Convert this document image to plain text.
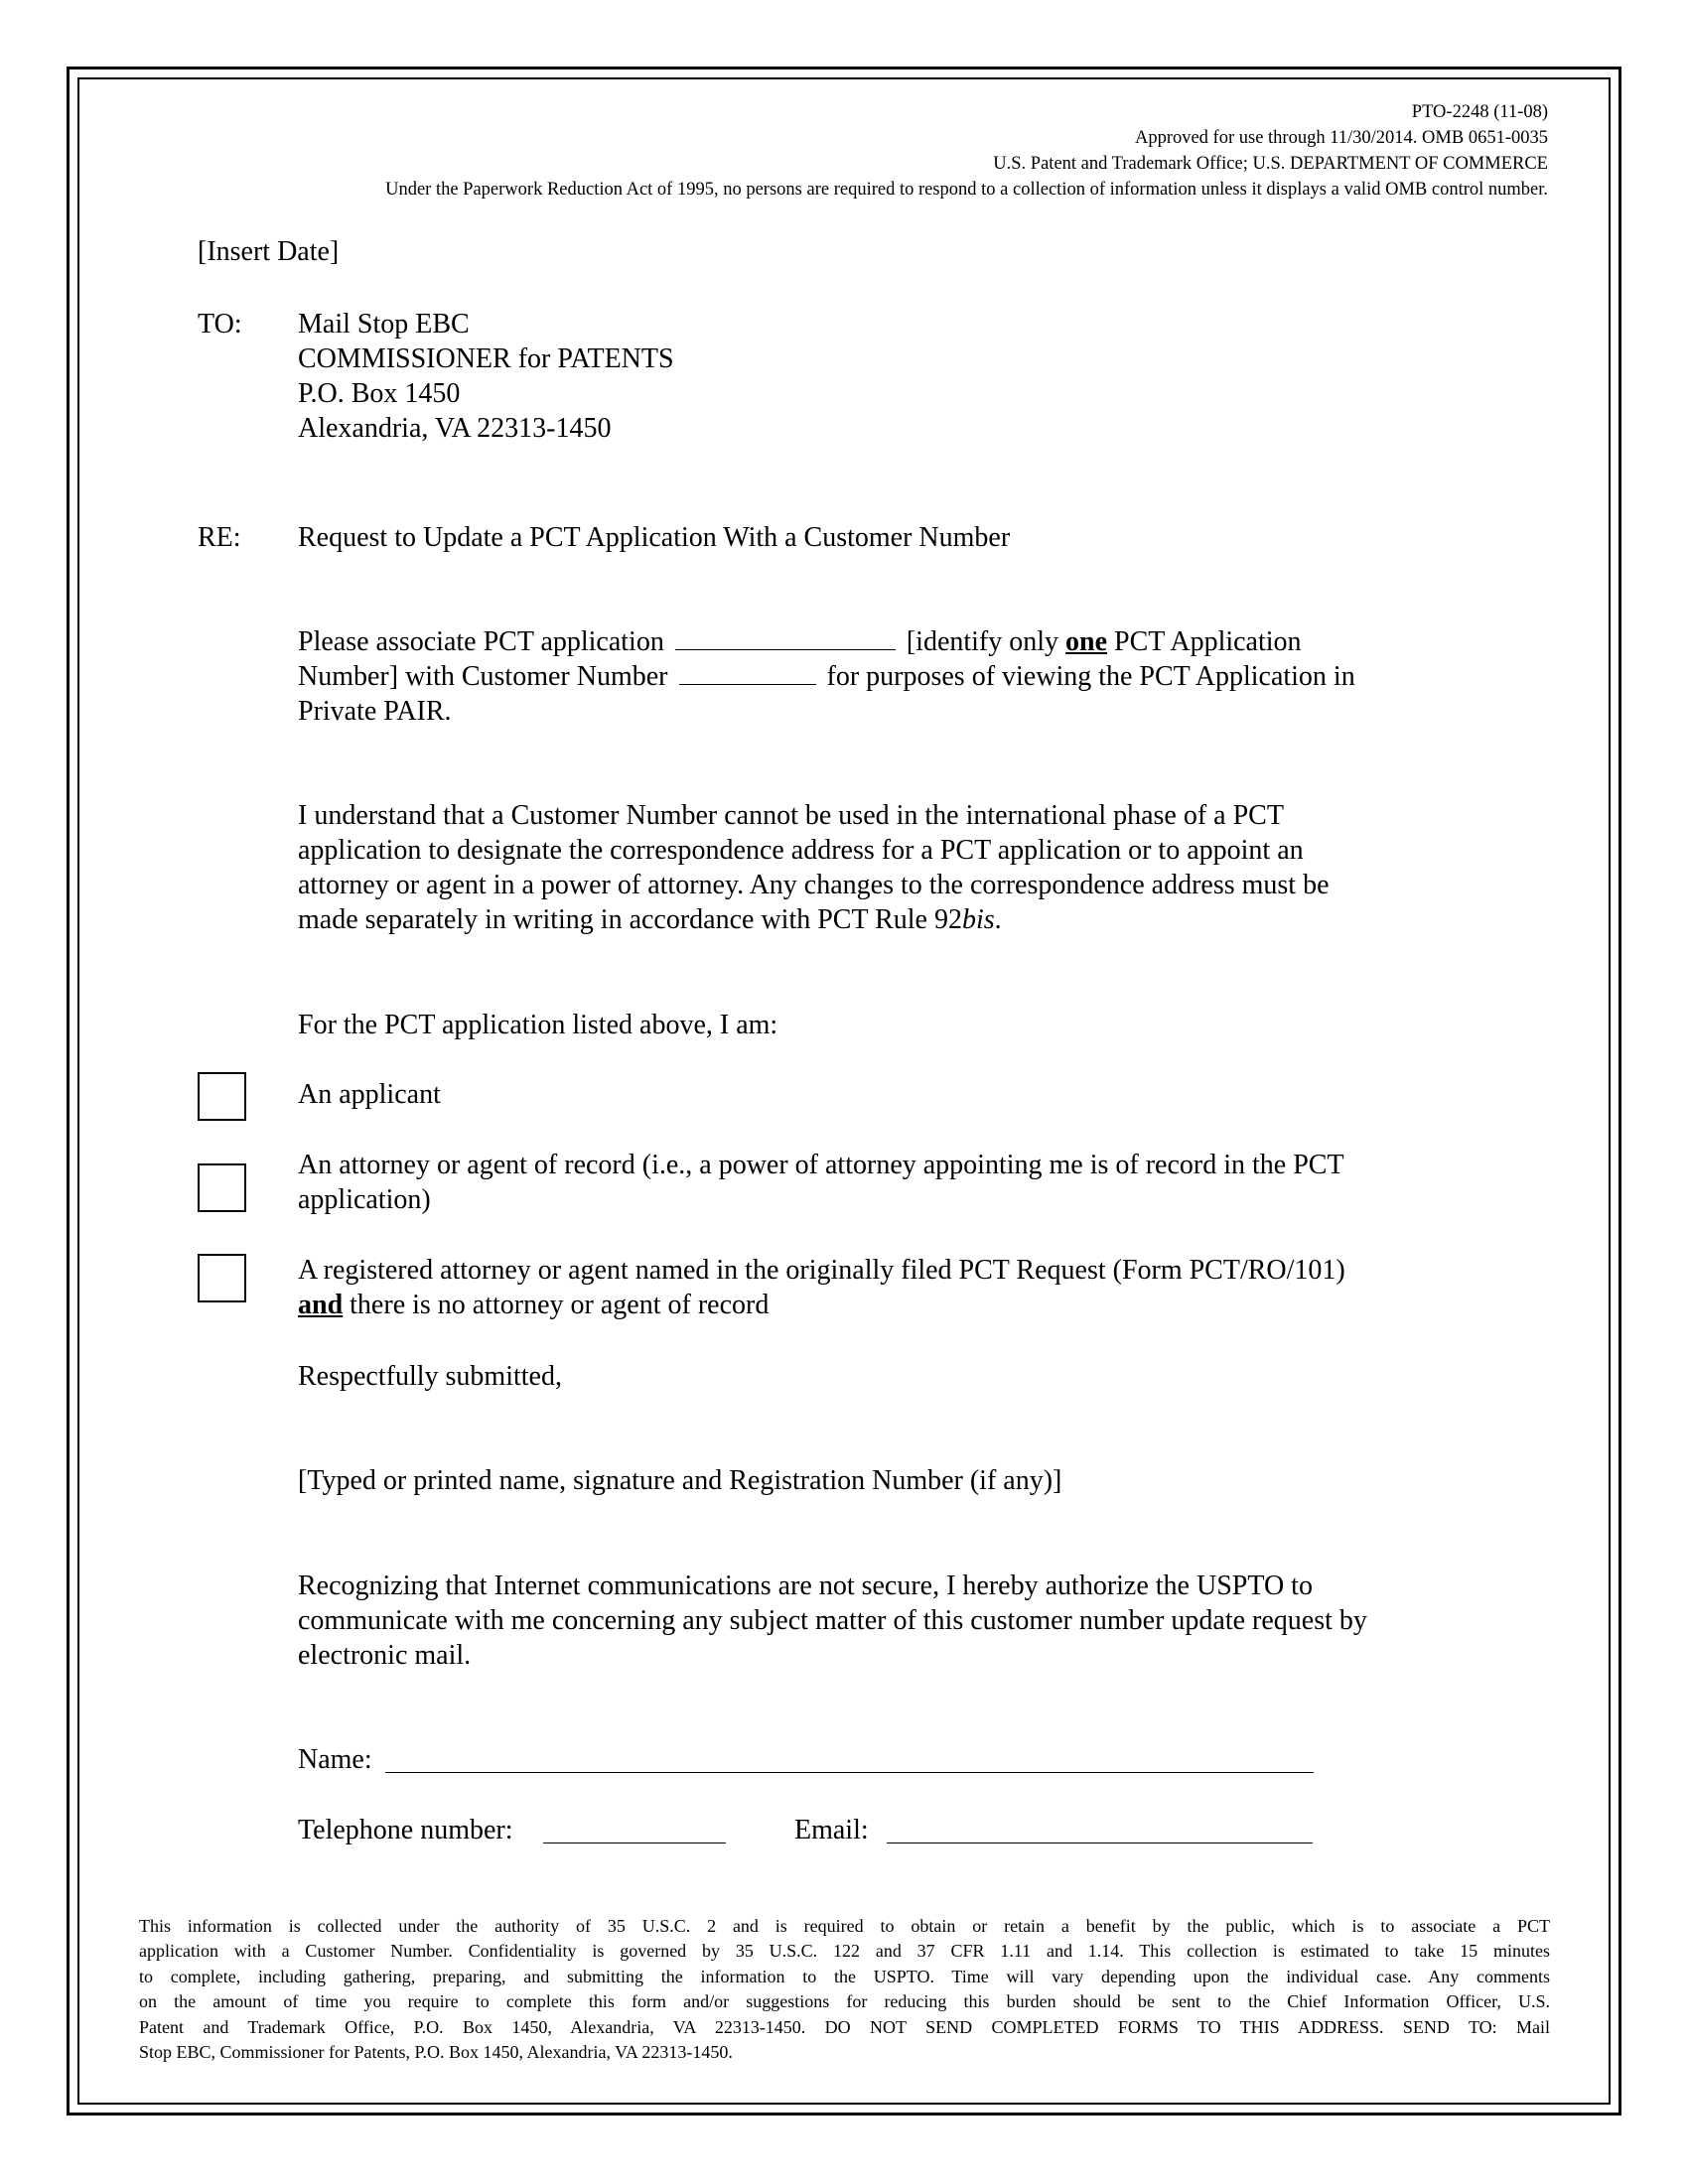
PTO-2248 (11-08)
Approved for use through 11/30/2014. OMB 0651-0035
U.S. Patent and Trademark Office; U.S. DEPARTMENT OF COMMERCE
Under the Paperwork Reduction Act of 1995, no persons are required to respond to a collection of information unless it displays a valid OMB control number.
[Insert Date]
TO: Mail Stop EBC
COMMISSIONER for PATENTS
P.O. Box 1450
Alexandria, VA 22313-1450
RE: Request to Update a PCT Application With a Customer Number
Please associate PCT application	[identify only one PCT Application
Number] with Customer Number	for purposes of viewing the PCT Application in
Private PAIR.
I understand that a Customer Number cannot be used in the international phase of a PCT
application to designate the correspondence address for a PCT application or to appoint an
attorney or agent in a power of attorney. Any changes to the correspondence address must be
made separately in writing in accordance with PCT Rule 92bis.
For the PCT application listed above, I am:
An applicant
An attorney or agent of record (i.e., a power of attorney appointing me is of record in the PCT
application)
A registered attorney or agent named in the originally filed PCT Request (Form PCT/RO/101)
and there is no attorney or agent of record
Respectfully submitted,
[Typed or printed name, signature and Registration Number (if any)]
Recognizing that Internet communications are not secure, I hereby authorize the USPTO to
communicate with me concerning any subject matter of this customer number update request by
electronic mail.
Name:
Telephone number:	Email:
This information is collected under the authority of 35 U.S.C. 2 and is required to obtain or retain a benefit by the public, which is to associate a PCT
application with a Customer Number. Confidentiality is governed by 35 U.S.C. 122 and 37 CFR 1.11 and 1.14. This collection is estimated to take 15 minutes
to complete, including gathering, preparing, and submitting the information to the USPTO. Time will vary depending upon the individual case. Any comments
on the amount of time you require to complete this form and/or suggestions for reducing this burden should be sent to the Chief Information Officer, U.S.
Patent and Trademark Office, P.O. Box 1450, Alexandria, VA 22313-1450. DO NOT SEND COMPLETED FORMS TO THIS ADDRESS. SEND TO: Mail
Stop EBC, Commissioner for Patents, P.O. Box 1450, Alexandria, VA 22313-1450.
